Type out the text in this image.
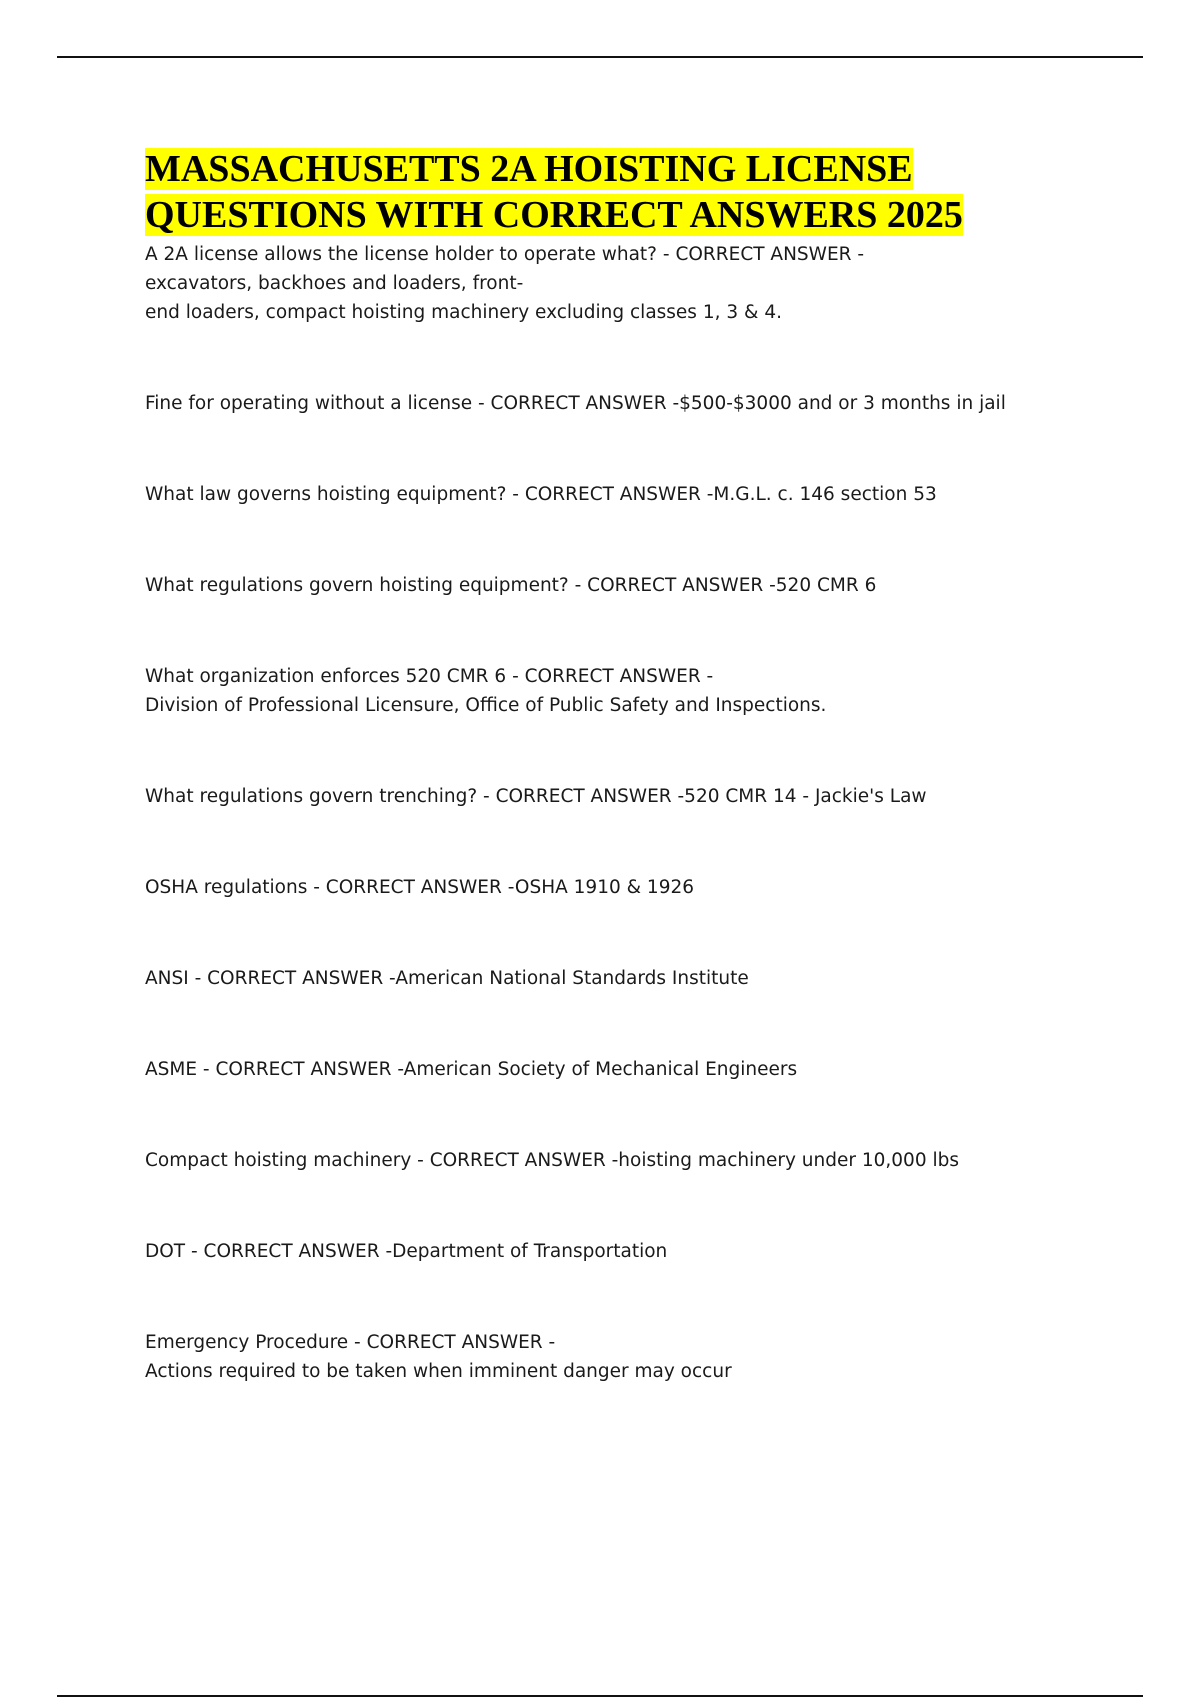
MASSACHUSETTS 2A HOISTING LICENSE
QUESTIONS WITH CORRECT ANSWERS 2025

A 2A license allows the license holder to operate what? - CORRECT ANSWER -

excavators, backhoes and loaders, front-

end loaders, compact hoisting machinery excluding classes 1, 3 & 4.

Fine for operating without a license - CORRECT ANSWER -$500-$3000 and or 3 months in jail

What law governs hoisting equipment? - CORRECT ANSWER -M.G.L. c. 146 section 53

What regulations govern hoisting equipment? - CORRECT ANSWER -520 CMR 6

What organization enforces 520 CMR 6 - CORRECT ANSWER -

Division of Professional Licensure, Office of Public Safety and Inspections.

What regulations govern trenching? - CORRECT ANSWER -520 CMR 14 - Jackie's Law

OSHA regulations - CORRECT ANSWER -OSHA 1910 & 1926

ANSI - CORRECT ANSWER -American National Standards Institute

ASME - CORRECT ANSWER -American Society of Mechanical Engineers

Compact hoisting machinery - CORRECT ANSWER -hoisting machinery under 10,000 lbs

DOT - CORRECT ANSWER -Department of Transportation

Emergency Procedure - CORRECT ANSWER -

Actions required to be taken when imminent danger may occur
